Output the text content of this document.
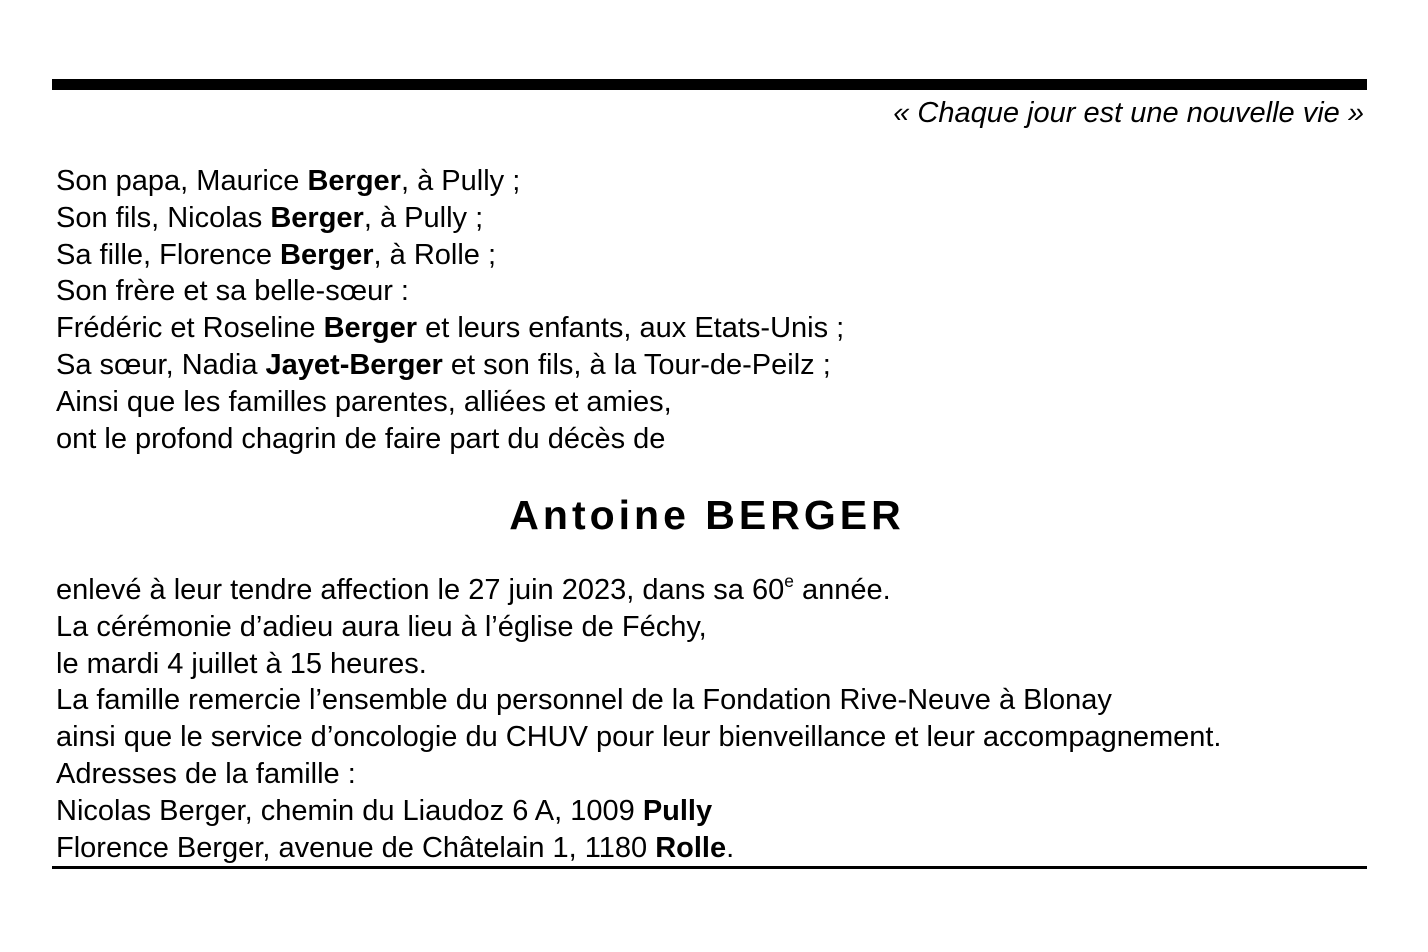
« Chaque jour est une nouvelle vie »
Son papa, Maurice Berger, à Pully ;
Son fils, Nicolas Berger, à Pully ;
Sa fille, Florence Berger, à Rolle ;
Son frère et sa belle-sœur :
Frédéric et Roseline Berger et leurs enfants, aux Etats-Unis ;
Sa sœur, Nadia Jayet-Berger et son fils, à la Tour-de-Peilz ;
Ainsi que les familles parentes, alliées et amies,
ont le profond chagrin de faire part du décès de
Antoine BERGER
enlevé à leur tendre affection le 27 juin 2023, dans sa 60e année.
La cérémonie d’adieu aura lieu à l’église de Féchy,
le mardi 4 juillet à 15 heures.
La famille remercie l’ensemble du personnel de la Fondation Rive-Neuve à Blonay
ainsi que le service d’oncologie du CHUV pour leur bienveillance et leur accompagnement.
Adresses de la famille :
Nicolas Berger, chemin du Liaudoz 6 A, 1009 Pully
Florence Berger, avenue de Châtelain 1, 1180 Rolle.
